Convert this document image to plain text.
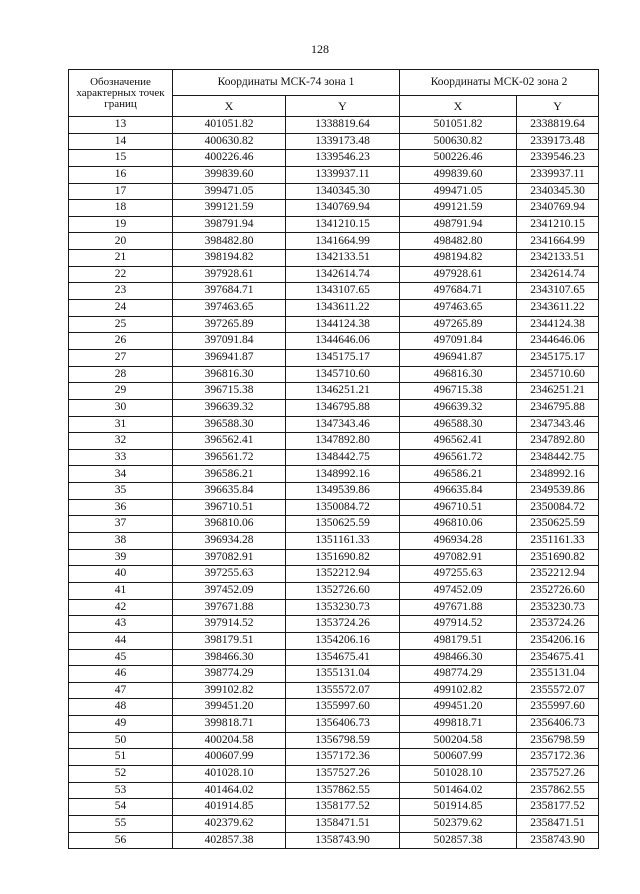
128
Обозначение характерных точек границ	Координаты МСК-74 зона 1		Координаты МСК-02 зона 2	
	X	Y	X	Y
13	401051.82	1338819.64	501051.82	2338819.64
14	400630.82	1339173.48	500630.82	2339173.48
15	400226.46	1339546.23	500226.46	2339546.23
16	399839.60	1339937.11	499839.60	2339937.11
17	399471.05	1340345.30	499471.05	2340345.30
18	399121.59	1340769.94	499121.59	2340769.94
19	398791.94	1341210.15	498791.94	2341210.15
20	398482.80	1341664.99	498482.80	2341664.99
21	398194.82	1342133.51	498194.82	2342133.51
22	397928.61	1342614.74	497928.61	2342614.74
23	397684.71	1343107.65	497684.71	2343107.65
24	397463.65	1343611.22	497463.65	2343611.22
25	397265.89	1344124.38	497265.89	2344124.38
26	397091.84	1344646.06	497091.84	2344646.06
27	396941.87	1345175.17	496941.87	2345175.17
28	396816.30	1345710.60	496816.30	2345710.60
29	396715.38	1346251.21	496715.38	2346251.21
30	396639.32	1346795.88	496639.32	2346795.88
31	396588.30	1347343.46	496588.30	2347343.46
32	396562.41	1347892.80	496562.41	2347892.80
33	396561.72	1348442.75	496561.72	2348442.75
34	396586.21	1348992.16	496586.21	2348992.16
35	396635.84	1349539.86	496635.84	2349539.86
36	396710.51	1350084.72	496710.51	2350084.72
37	396810.06	1350625.59	496810.06	2350625.59
38	396934.28	1351161.33	496934.28	2351161.33
39	397082.91	1351690.82	497082.91	2351690.82
40	397255.63	1352212.94	497255.63	2352212.94
41	397452.09	1352726.60	497452.09	2352726.60
42	397671.88	1353230.73	497671.88	2353230.73
43	397914.52	1353724.26	497914.52	2353724.26
44	398179.51	1354206.16	498179.51	2354206.16
45	398466.30	1354675.41	498466.30	2354675.41
46	398774.29	1355131.04	498774.29	2355131.04
47	399102.82	1355572.07	499102.82	2355572.07
48	399451.20	1355997.60	499451.20	2355997.60
49	399818.71	1356406.73	499818.71	2356406.73
50	400204.58	1356798.59	500204.58	2356798.59
51	400607.99	1357172.36	500607.99	2357172.36
52	401028.10	1357527.26	501028.10	2357527.26
53	401464.02	1357862.55	501464.02	2357862.55
54	401914.85	1358177.52	501914.85	2358177.52
55	402379.62	1358471.51	502379.62	2358471.51
56	402857.38	1358743.90	502857.38	2358743.90
